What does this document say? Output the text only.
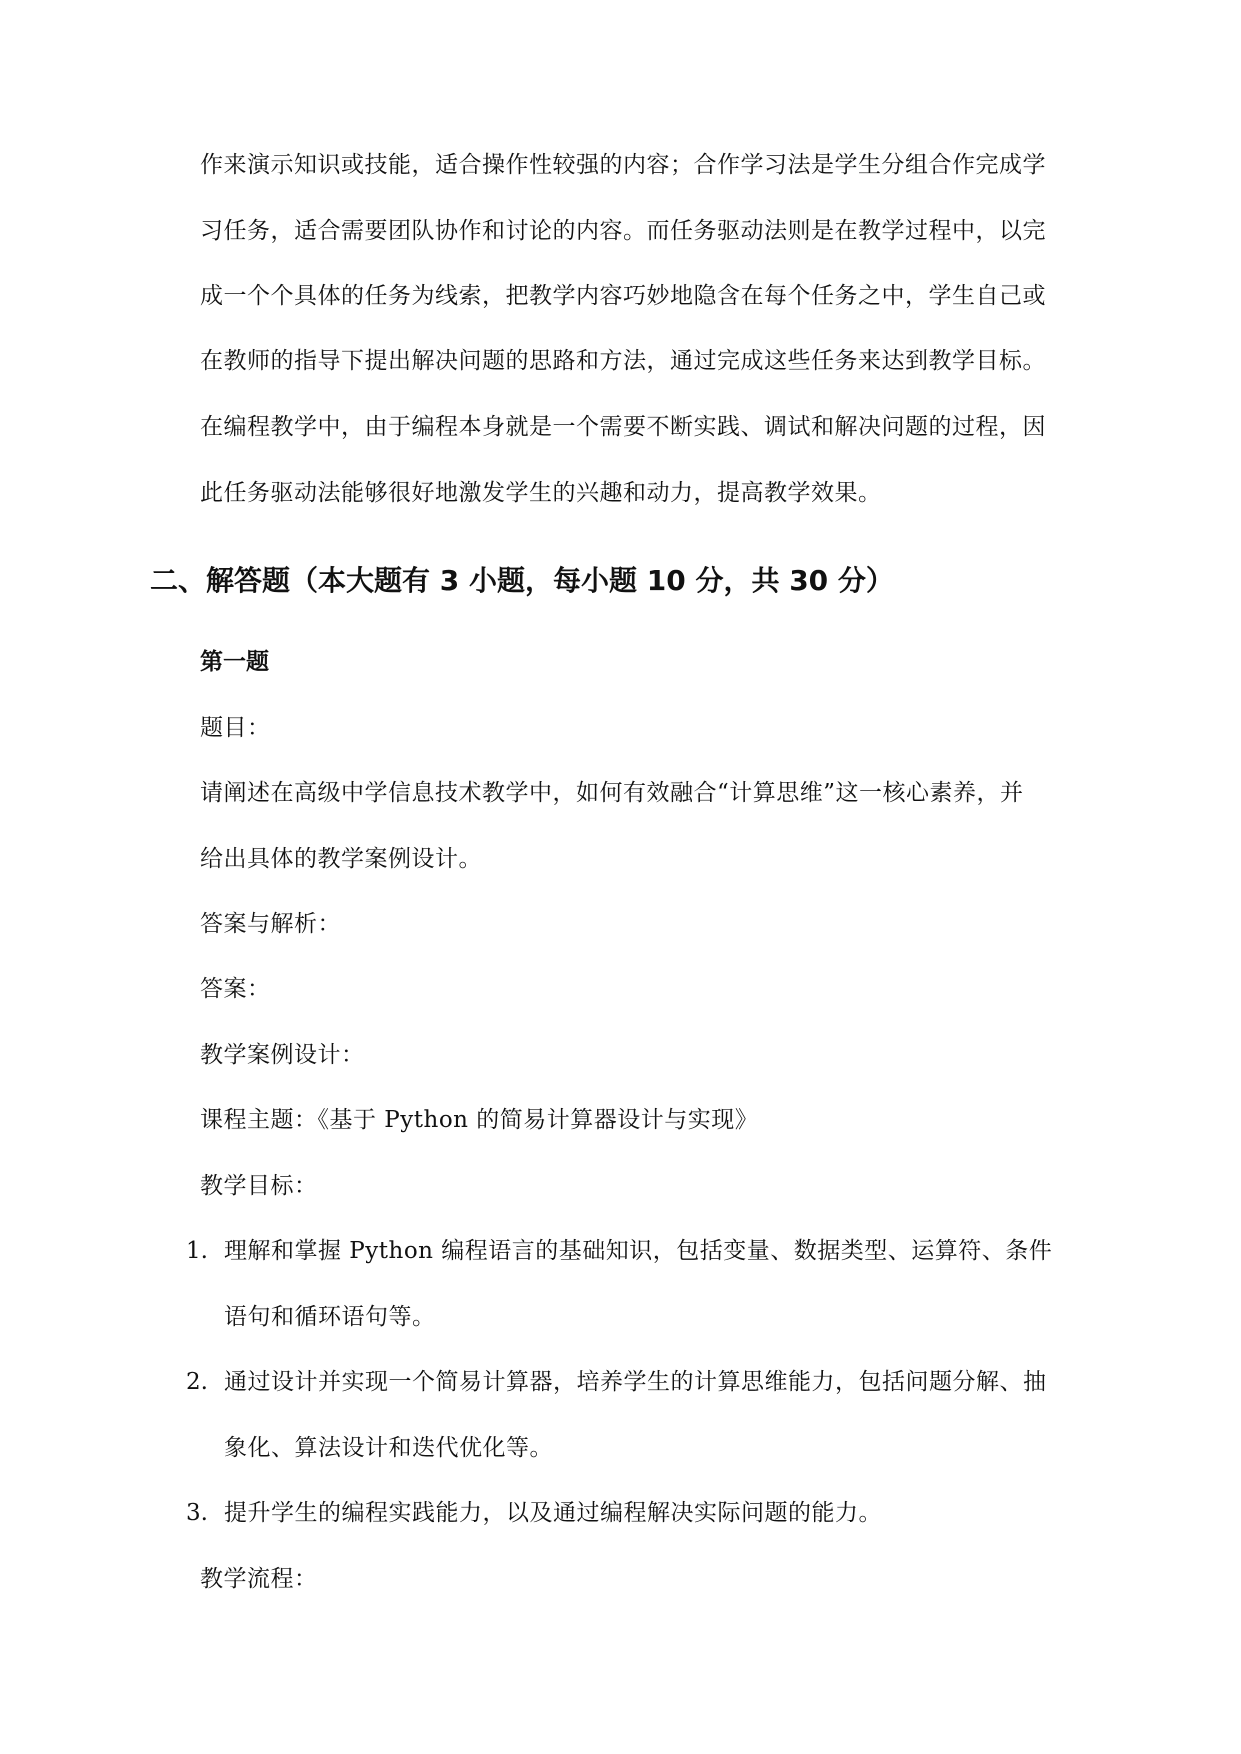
作来演示知识或技能，适合操作性较强的内容；合作学习法是学生分组合作完成学
习任务，适合需要团队协作和讨论的内容。而任务驱动法则是在教学过程中，以完
成一个个具体的任务为线索，把教学内容巧妙地隐含在每个任务之中，学生自己或
在教师的指导下提出解决问题的思路和方法，通过完成这些任务来达到教学目标。
在编程教学中，由于编程本身就是一个需要不断实践、调试和解决问题的过程，因
此任务驱动法能够很好地激发学生的兴趣和动力，提高教学效果。
二、解答题（本大题有 3 小题，每小题 10 分，共 30 分）
第一题
题目：
请阐述在高级中学信息技术教学中，如何有效融合“计算思维”这一核心素养，并
给出具体的教学案例设计。
答案与解析：
答案：
教学案例设计：
课程主题：《基于 Python 的简易计算器设计与实现》
教学目标：
1. 理解和掌握 Python 编程语言的基础知识，包括变量、数据类型、运算符、条件
语句和循环语句等。
2. 通过设计并实现一个简易计算器，培养学生的计算思维能力，包括问题分解、抽
象化、算法设计和迭代优化等。
3. 提升学生的编程实践能力，以及通过编程解决实际问题的能力。
教学流程：
